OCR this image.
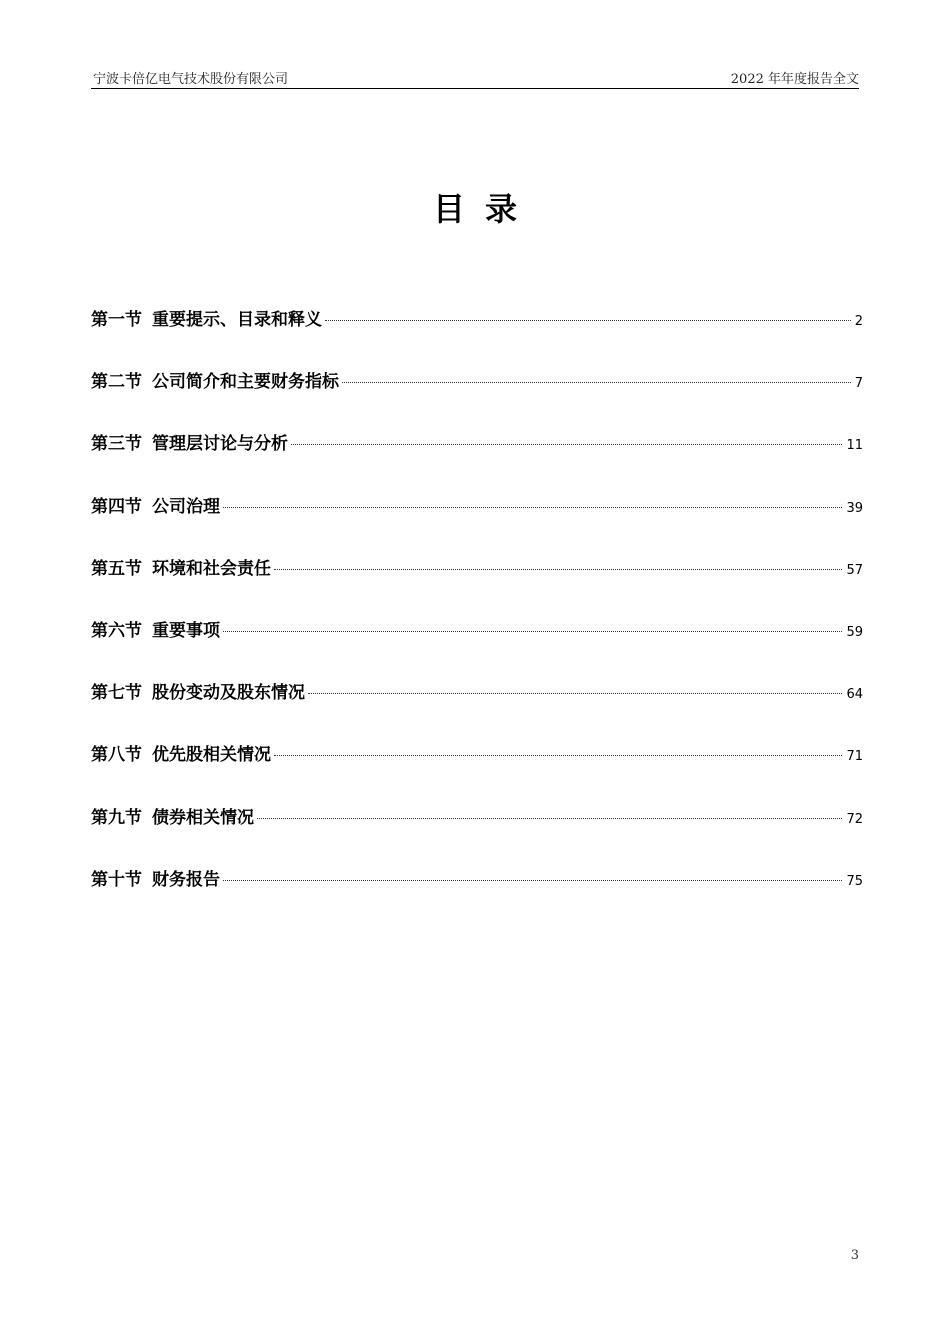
宁波卡倍亿电气技术股份有限公司	2022 年年度报告全文
目录
第一节 重要提示、目录和释义	2
第二节 公司简介和主要财务指标	7
第三节 管理层讨论与分析	11
第四节 公司治理	39
第五节 环境和社会责任	57
第六节 重要事项	59
第七节 股份变动及股东情况	64
第八节 优先股相关情况	71
第九节 债券相关情况	72
第十节 财务报告	75
3
